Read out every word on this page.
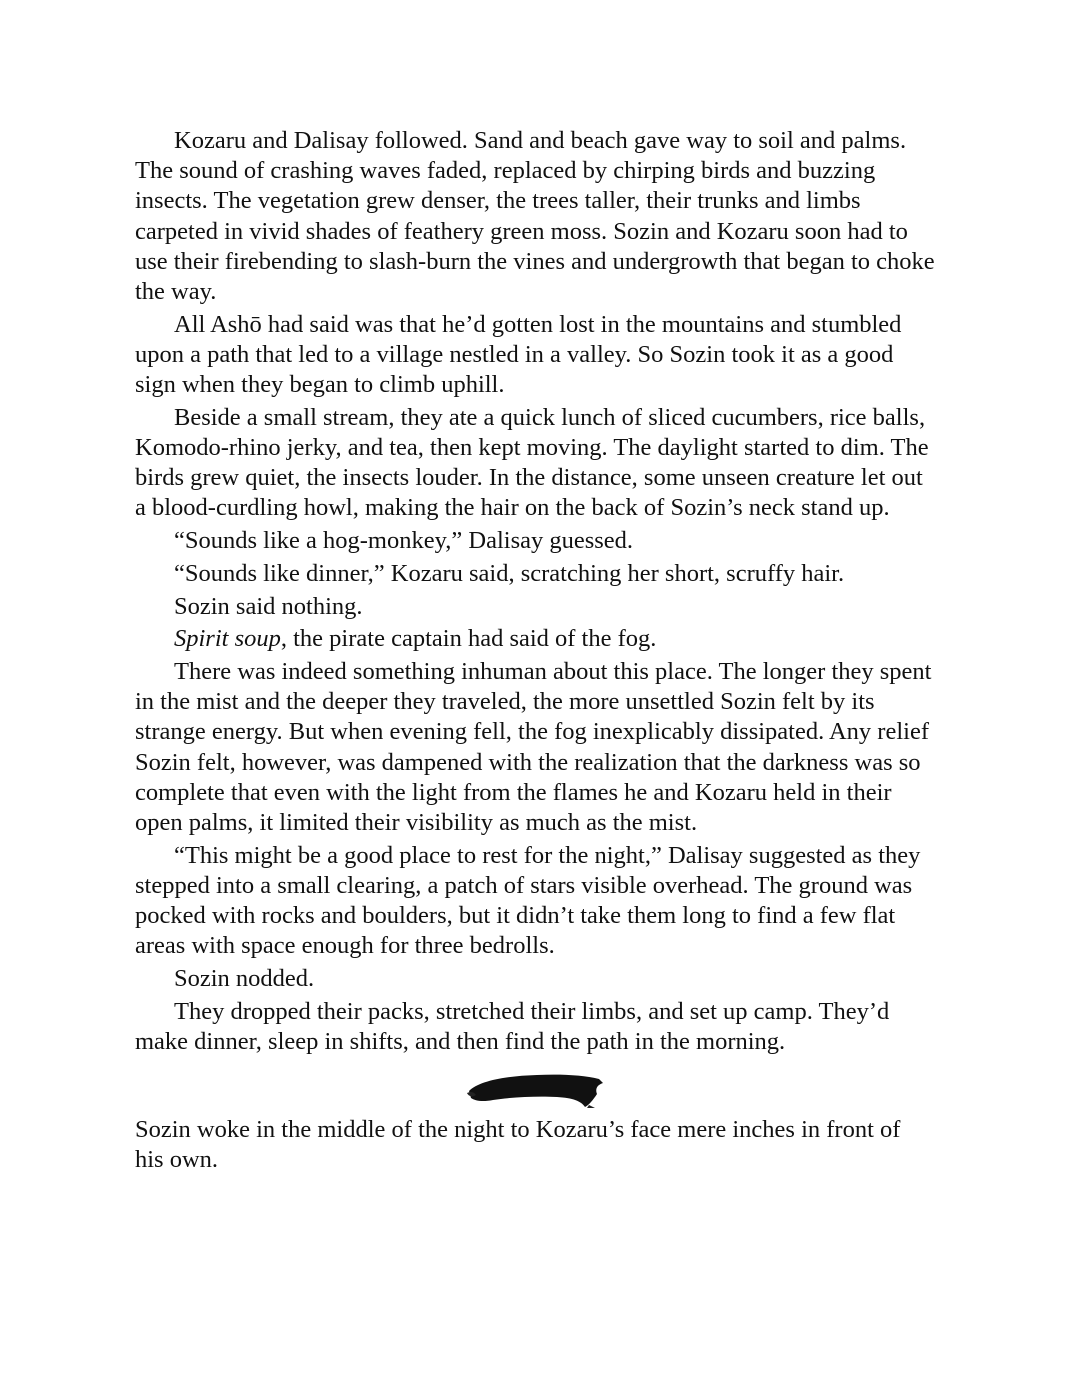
Kozaru and Dalisay followed. Sand and beach gave way to soil and palms. The sound of crashing waves faded, replaced by chirping birds and buzzing insects. The vegetation grew denser, the trees taller, their trunks and limbs carpeted in vivid shades of feathery green moss. Sozin and Kozaru soon had to use their firebending to slash-burn the vines and undergrowth that began to choke the way.

All Ashō had said was that he’d gotten lost in the mountains and stumbled upon a path that led to a village nestled in a valley. So Sozin took it as a good sign when they began to climb uphill.

Beside a small stream, they ate a quick lunch of sliced cucumbers, rice balls, Komodo-rhino jerky, and tea, then kept moving. The daylight started to dim. The birds grew quiet, the insects louder. In the distance, some unseen creature let out a blood-curdling howl, making the hair on the back of Sozin’s neck stand up.

“Sounds like a hog-monkey,” Dalisay guessed.

“Sounds like dinner,” Kozaru said, scratching her short, scruffy hair.

Sozin said nothing.

Spirit soup, the pirate captain had said of the fog.

There was indeed something inhuman about this place. The longer they spent in the mist and the deeper they traveled, the more unsettled Sozin felt by its strange energy. But when evening fell, the fog inexplicably dissipated. Any relief Sozin felt, however, was dampened with the realization that the darkness was so complete that even with the light from the flames he and Kozaru held in their open palms, it limited their visibility as much as the mist.

“This might be a good place to rest for the night,” Dalisay suggested as they stepped into a small clearing, a patch of stars visible overhead. The ground was pocked with rocks and boulders, but it didn’t take them long to find a few flat areas with space enough for three bedrolls.

Sozin nodded.

They dropped their packs, stretched their limbs, and set up camp. They’d make dinner, sleep in shifts, and then find the path in the morning.

Sozin woke in the middle of the night to Kozaru’s face mere inches in front of his own.
